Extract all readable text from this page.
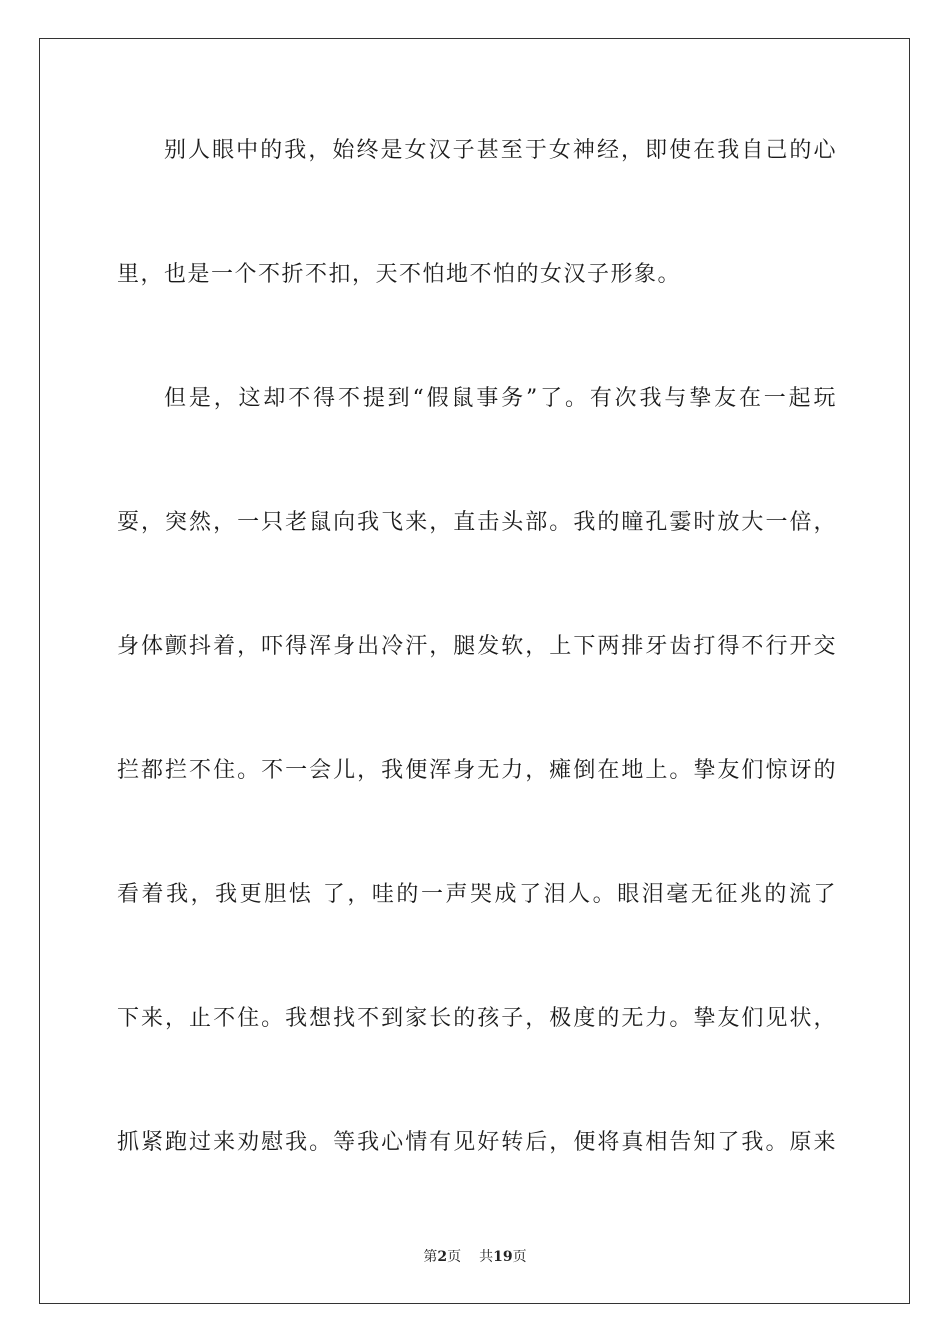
别人眼中的我，始终是女汉子甚至于女神经，即使在我自己的心
里，也是一个不折不扣，天不怕地不怕的女汉子形象。
但是，这却不得不提到“假鼠事务”了。有次我与挚友在一起玩
耍，突然，一只老鼠向我飞来，直击头部。我的瞳孔霎时放大一倍，
身体颤抖着，吓得浑身出冷汗，腿发软，上下两排牙齿打得不行开交
拦都拦不住。不一会儿，我便浑身无力，瘫倒在地上。挚友们惊讶的
看着我，我更胆怯 了，哇的一声哭成了泪人。眼泪毫无征兆的流了
下来，止不住。我想找不到家长的孩子，极度的无力。挚友们见状，
抓紧跑过来劝慰我。等我心情有见好转后，便将真相告知了我。原来
第2页 共19页
